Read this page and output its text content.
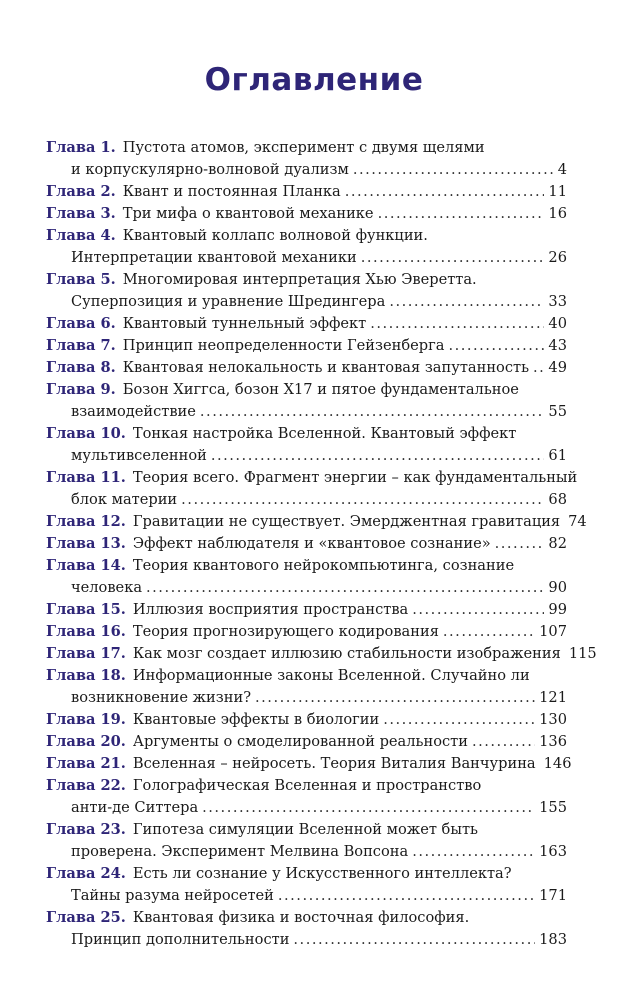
Оглавление
Глава 1. Пустота атомов, эксперимент с двумя щелями
и корпускулярно-волновой дуализм .....	4
Глава 2. Квант и постоянная Планка .....	11
Глава 3. Три мифа о квантовой механике .....	16
Глава 4. Квантовый коллапс волновой функции.
Интерпретации квантовой механики .....	26
Глава 5. Многомировая интерпретация Хью Эверетта.
Суперпозиция и уравнение Шредингера .....	33
Глава 6. Квантовый туннельный эффект .....	40
Глава 7. Принцип неопределенности Гейзенберга .....	43
Глава 8. Квантовая нелокальность и квантовая запутанность ..... 49
Глава 9. Бозон Хиггса, бозон Х17 и пятое фундаментальное
взаимодействие .....	55
Глава 10. Тонкая настройка Вселенной. Квантовый эффект
мультивселенной .....	61
Глава 11. Теория всего. Фрагмент энергии – как фундаментальный
блок материи .....	68
Глава 12. Гравитации не существует. Эмерджентная гравитация 74
Глава 13. Эффект наблюдателя и «квантовое сознание» .....	82
Глава 14. Теория квантового нейрокомпьютинга, сознание
человека .....	90
Глава 15. Иллюзия восприятия пространства .....	99
Глава 16. Теория прогнозирующего кодирования .....	107
Глава 17. Как мозг создает иллюзию стабильности изображения 115
Глава 18. Информационные законы Вселенной. Случайно ли
возникновение жизни? .....	121
Глава 19. Квантовые эффекты в биологии .....	130
Глава 20. Аргументы о смоделированной реальности .....	136
Глава 21. Вселенная – нейросеть. Теория Виталия Ванчурина 146
Глава 22. Голографическая Вселенная и пространство
анти-де Ситтера .....	155
Глава 23. Гипотеза симуляции Вселенной может быть
проверена. Эксперимент Мелвина Вопсона .....	163
Глава 24. Есть ли сознание у Искусственного интеллекта?
Тайны разума нейросетей .....	171
Глава 25. Квантовая физика и восточная философия.
Принцип дополнительности .....	183
